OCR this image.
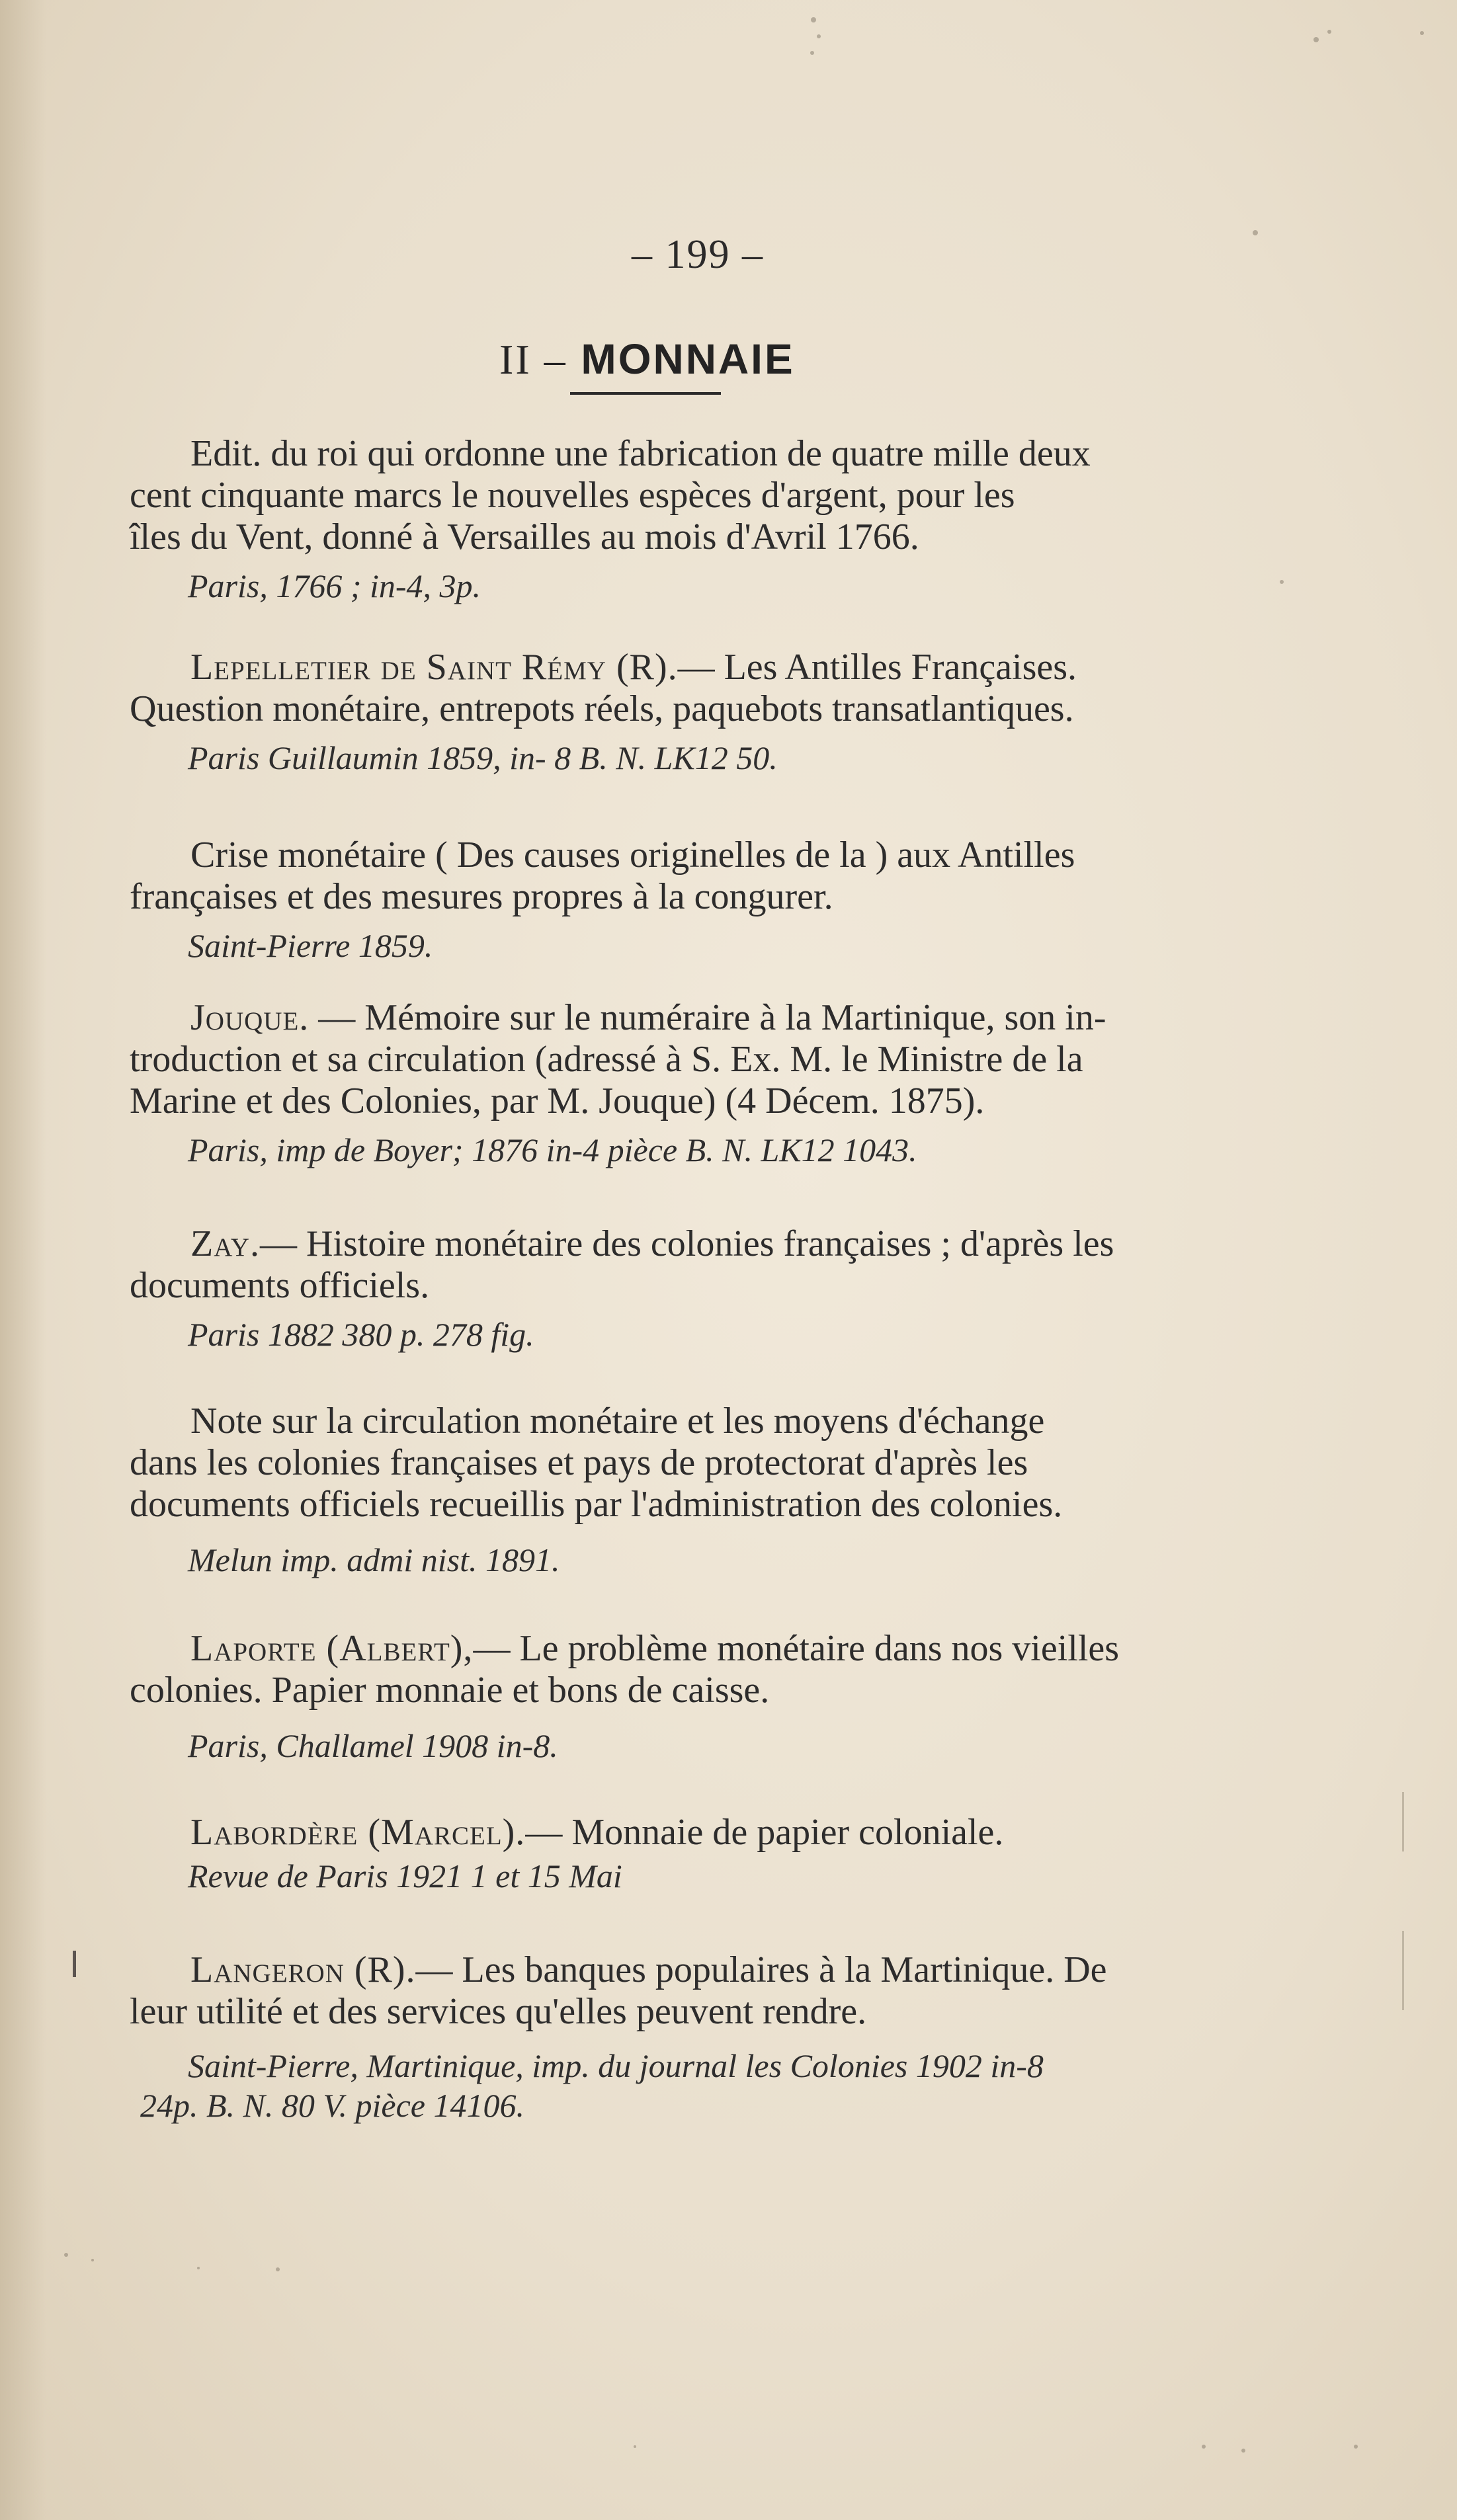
– 199 –
II – MONNAIE
Edit. du roi qui ordonne une fabrication de quatre mille deux
cent cinquante marcs le nouvelles espèces d'argent, pour les
îles du Vent, donné à Versailles au mois d'Avril 1766.
Paris, 1766 ; in-4, 3p.
Lepelletier de Saint Rémy (R).— Les Antilles Françaises.
Question monétaire, entrepots réels, paquebots transatlantiques.
Paris Guillaumin 1859, in- 8 B. N. LK12 50.
Crise monétaire ( Des causes originelles de la ) aux Antilles
françaises et des mesures propres à la congurer.
Saint-Pierre 1859.
Jouque. — Mémoire sur le numéraire à la Martinique, son in-
troduction et sa circulation (adressé à S. Ex. M. le Ministre de la
Marine et des Colonies, par M. Jouque) (4 Décem. 1875).
Paris, imp de Boyer; 1876 in-4 pièce B. N. LK12 1043.
Zay.— Histoire monétaire des colonies françaises ; d'après les
documents officiels.
Paris 1882 380 p. 278 fig.
Note sur la circulation monétaire et les moyens d'échange
dans les colonies françaises et pays de protectorat d'après les
documents officiels recueillis par l'administration des colonies.
Melun imp. admi nist. 1891.
Laporte (Albert),— Le problème monétaire dans nos vieilles
colonies. Papier monnaie et bons de caisse.
Paris, Challamel 1908 in-8.
Labordère (Marcel).— Monnaie de papier coloniale.
Revue de Paris 1921 1 et 15 Mai
Langeron (R).— Les banques populaires à la Martinique. De
leur utilité et des services qu'elles peuvent rendre.
Saint-Pierre, Martinique, imp. du journal les Colonies 1902 in-8
24p. B. N. 80 V. pièce 14106.
